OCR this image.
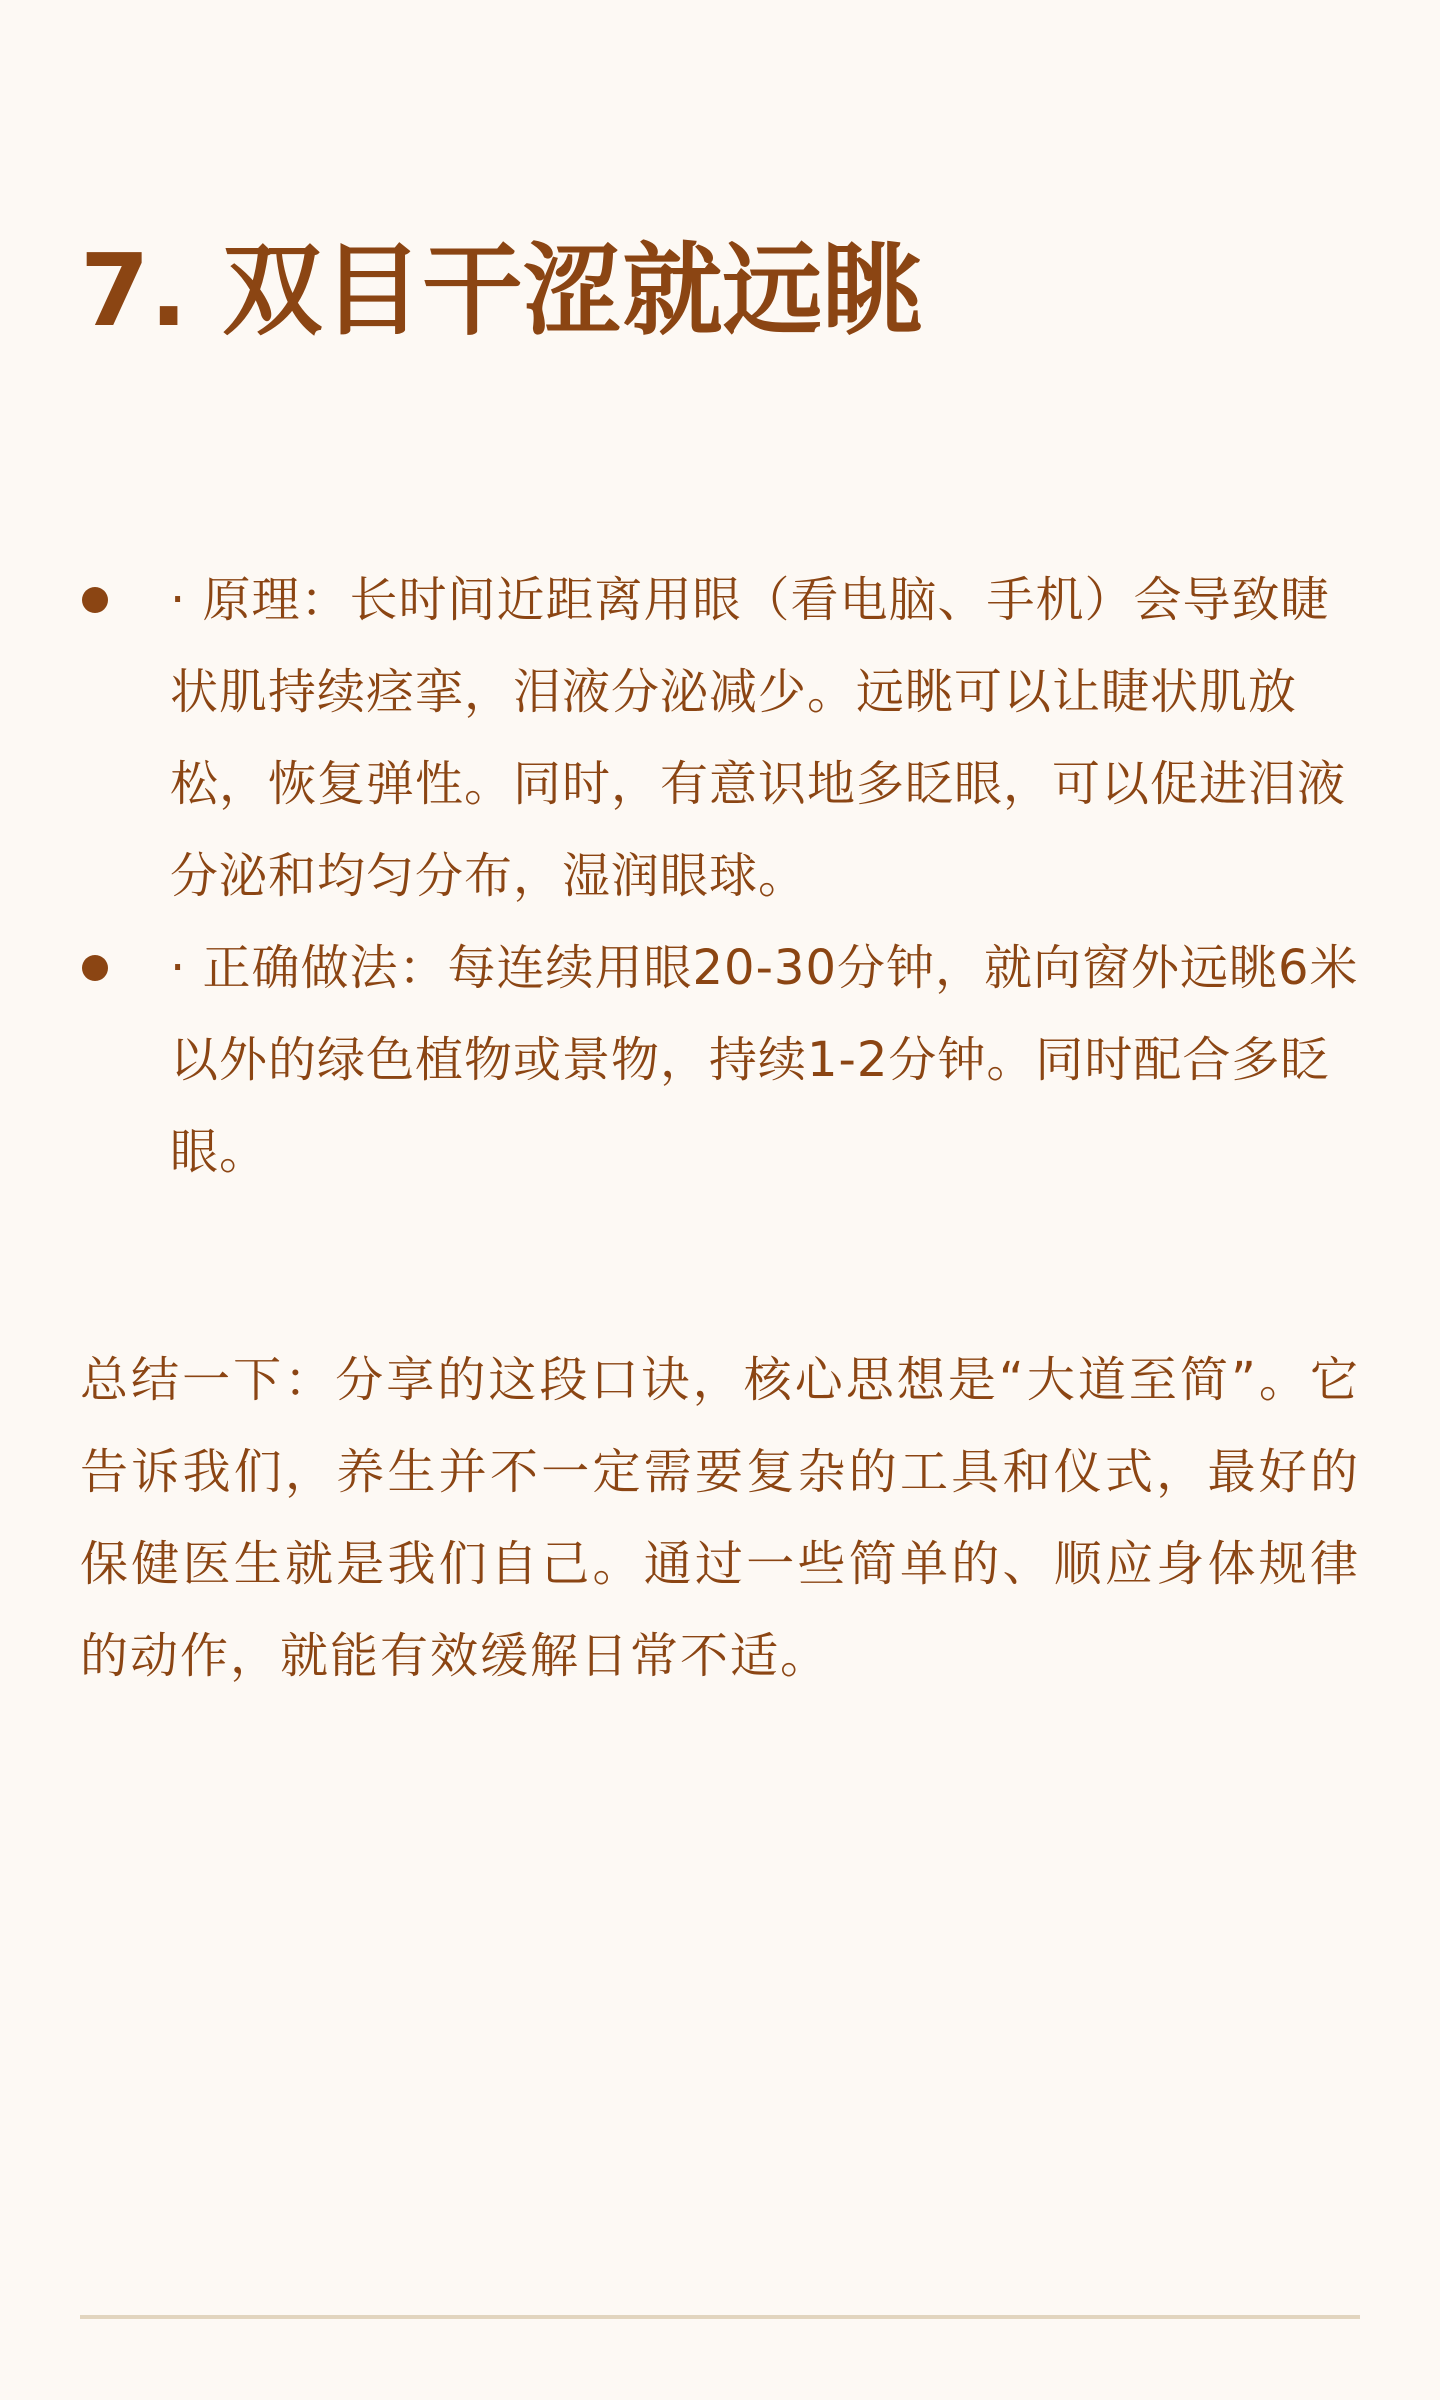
7. 双目干涩就远眺
· 原理：长时间近距离用眼（看电脑、手机）会导致睫状肌持续痉挛，泪液分泌减少。远眺可以让睫状肌放松，恢复弹性。同时，有意识地多眨眼，可以促进泪液分泌和均匀分布，湿润眼球。
· 正确做法：每连续用眼20-30分钟，就向窗外远眺6米以外的绿色植物或景物，持续1-2分钟。同时配合多眨眼。

总结一下：分享的这段口诀，核心思想是“大道至简”。它告诉我们，养生并不一定需要复杂的工具和仪式，最好的保健医生就是我们自己。通过一些简单的、顺应身体规律的动作，就能有效缓解日常不适。
